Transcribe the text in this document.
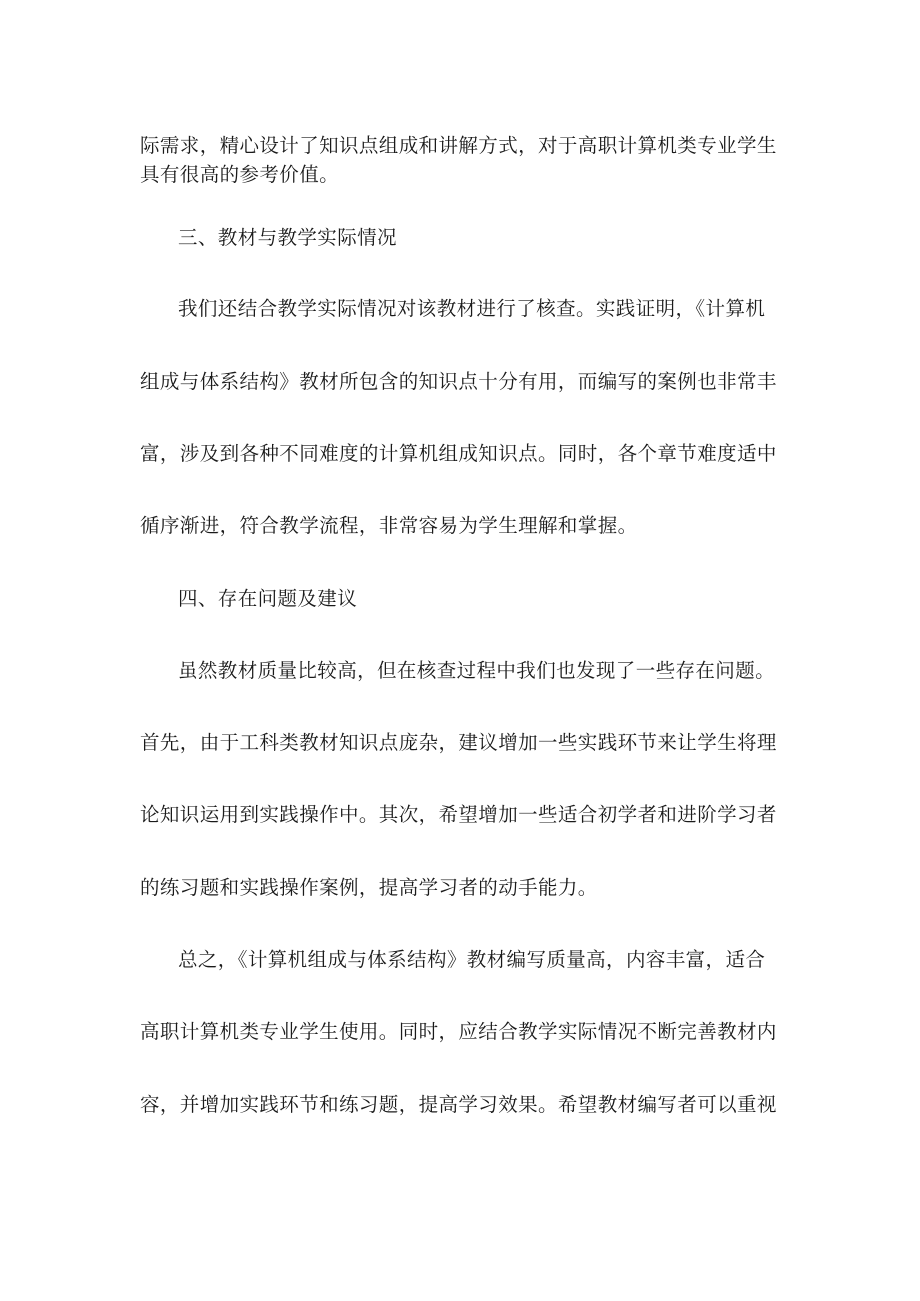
际需求，精心设计了知识点组成和讲解方式，对于高职计算机类专业学生
具有很高的参考价值。
三、教材与教学实际情况
我们还结合教学实际情况对该教材进行了核查。实践证明，《计算机
组成与体系结构》教材所包含的知识点十分有用，而编写的案例也非常丰
富，涉及到各种不同难度的计算机组成知识点。同时，各个章节难度适中
循序渐进，符合教学流程，非常容易为学生理解和掌握。
四、存在问题及建议
虽然教材质量比较高，但在核查过程中我们也发现了一些存在问题。
首先，由于工科类教材知识点庞杂，建议增加一些实践环节来让学生将理
论知识运用到实践操作中。其次，希望增加一些适合初学者和进阶学习者
的练习题和实践操作案例，提高学习者的动手能力。
总之，《计算机组成与体系结构》教材编写质量高，内容丰富，适合
高职计算机类专业学生使用。同时，应结合教学实际情况不断完善教材内
容，并增加实践环节和练习题，提高学习效果。希望教材编写者可以重视
